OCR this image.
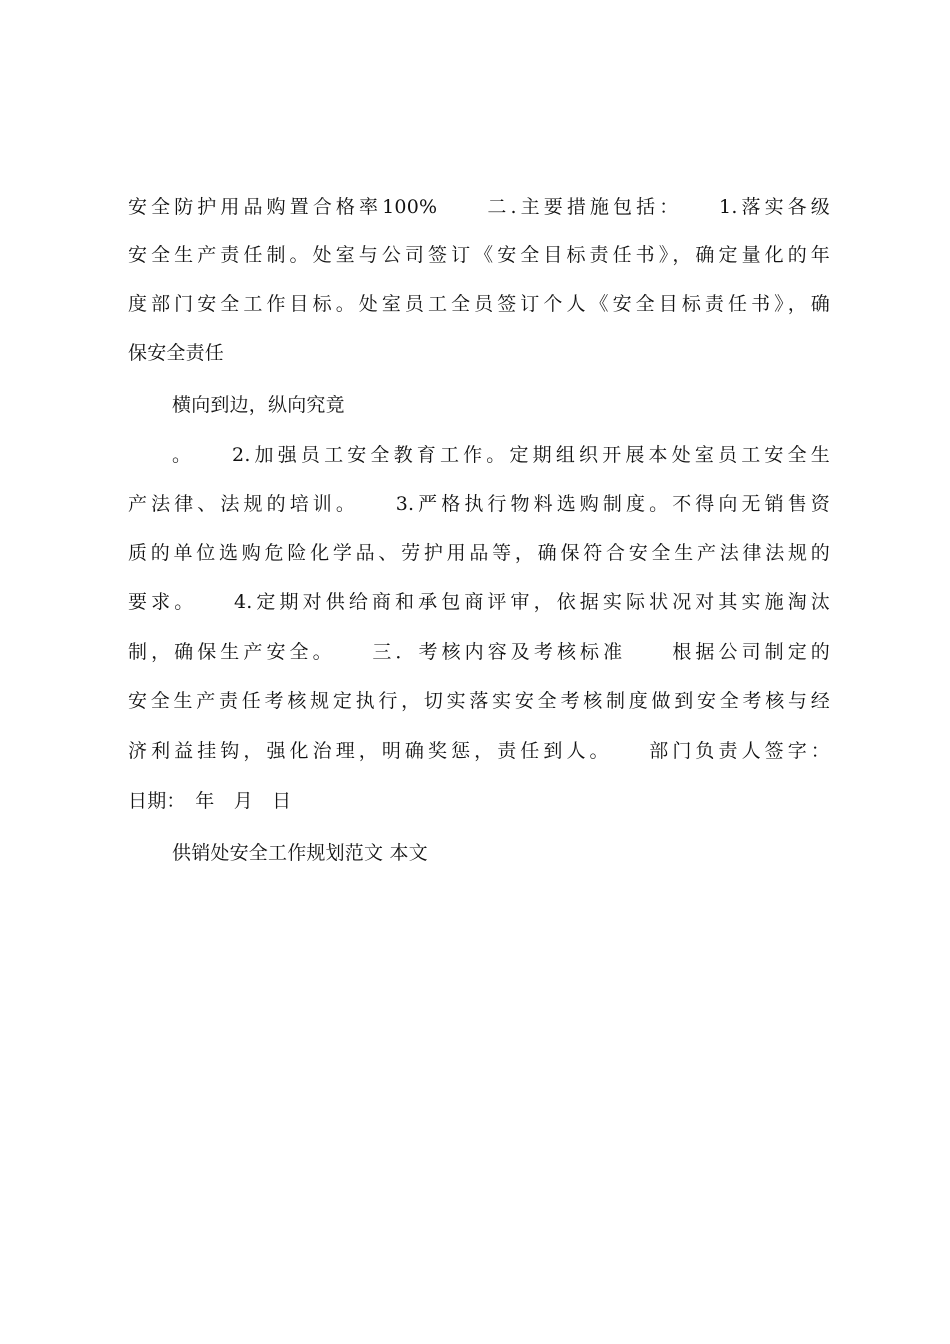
安全防护用品购置合格率100%　　二.主要措施包括：　　1.落实各级
安全生产责任制。处室与公司签订《安全目标责任书》，确定量化的年
度部门安全工作目标。处室员工全员签订个人《安全目标责任书》，确
保安全责任
横向到边，纵向究竟
。　　2.加强员工安全教育工作。定期组织开展本处室员工安全生
产法律、法规的培训。　　3.严格执行物料选购制度。不得向无销售资
质的单位选购危险化学品、劳护用品等，确保符合安全生产法律法规的
要求。　　4.定期对供给商和承包商评审，依据实际状况对其实施淘汰
制，确保生产安全。　　三．考核内容及考核标准　　根据公司制定的
安全生产责任考核规定执行，切实落实安全考核制度做到安全考核与经
济利益挂钩，强化治理，明确奖惩，责任到人。　　部门负责人签字：
日期：　年　月　日
供销处安全工作规划范文 本文
